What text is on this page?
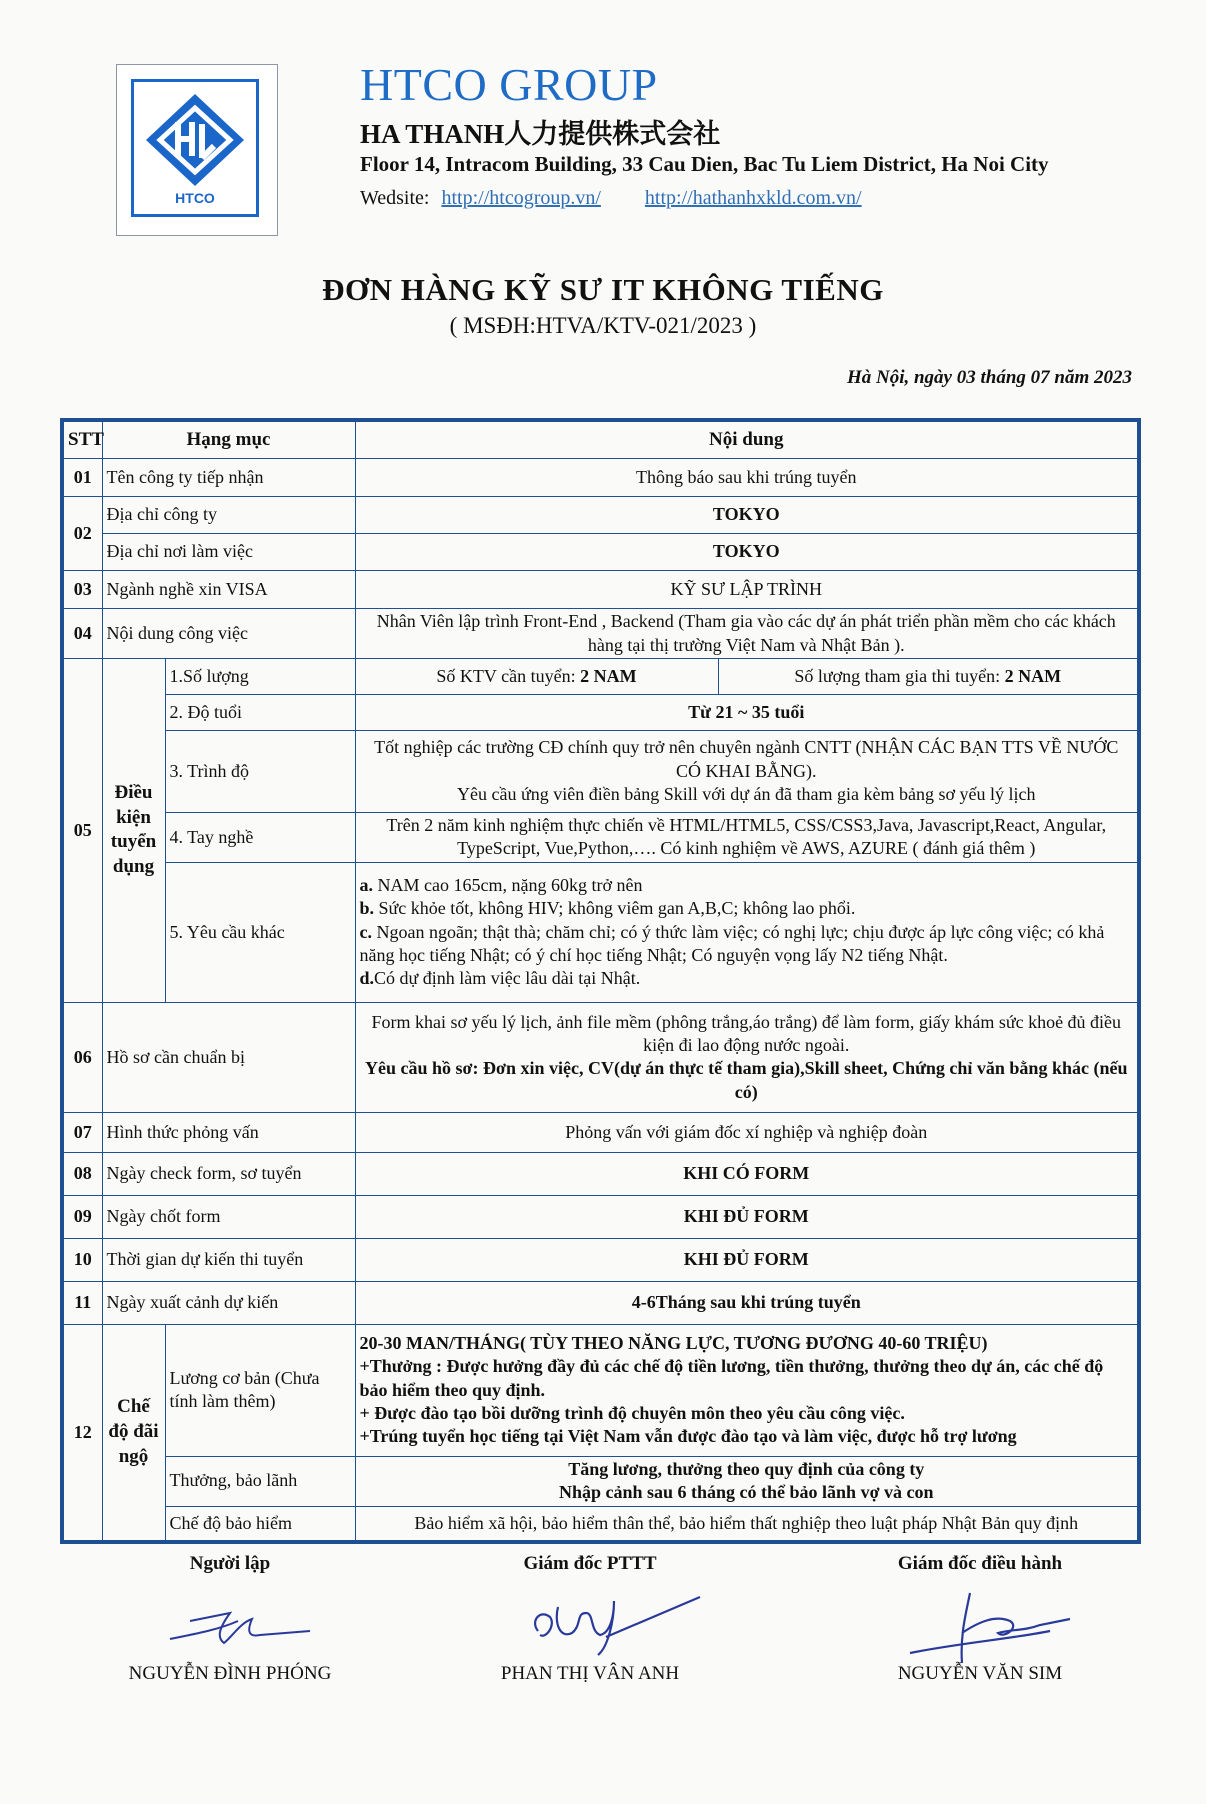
HTCO
HTCO GROUP
HA THANH人力提供株式会社
Floor 14, Intracom Building, 33 Cau Dien, Bac Tu Liem District, Ha Noi City
Wedsite: http://htcogroup.vn/ http://hathanhxkld.com.vn/
ĐƠN HÀNG KỸ SƯ IT KHÔNG TIẾNG
( MSĐH:HTVA/KTV-021/2023 )
Hà Nội, ngày 03 tháng 07 năm 2023
STT	Hạng mục		Nội dung	
01	Tên công ty tiếp nhận		Thông báo sau khi trúng tuyển	
02	Địa chỉ công ty		TOKYO	
	Địa chỉ nơi làm việc		TOKYO	
03	Ngành nghề xin VISA		KỸ SƯ LẬP TRÌNH	
04	Nội dung công việc		Nhân Viên lập trình Front-End , Backend (Tham gia vào các dự án phát triển phần mềm cho các khách hàng tại thị trường Việt Nam và Nhật Bản ).	
05	Điều kiện tuyển dụng	1.Số lượng	Số KTV cần tuyển: 2 NAM	Số lượng tham gia thi tuyển: 2 NAM
		2. Độ tuổi	Từ 21 ~ 35 tuổi	
		3. Trình độ	Tốt nghiệp các trường CĐ chính quy trở nên chuyên ngành CNTT (NHẬN CÁC BẠN TTS VỀ NƯỚC CÓ KHAI BẰNG).
Yêu cầu ứng viên điền bảng Skill với dự án đã tham gia kèm bảng sơ yếu lý lịch	
		4. Tay nghề	Trên 2 năm kinh nghiệm thực chiến về HTML/HTML5, CSS/CSS3,Java, Javascript,React, Angular, TypeScript, Vue,Python,…. Có kinh nghiệm về AWS, AZURE ( đánh giá thêm )	
		5. Yêu cầu khác	a. NAM cao 165cm, nặng 60kg trở nên
b. Sức khỏe tốt, không HIV; không viêm gan A,B,C; không lao phổi.
c. Ngoan ngoãn; thật thà; chăm chỉ; có ý thức làm việc; có nghị lực; chịu được áp lực công việc; có khả năng học tiếng Nhật; có ý chí học tiếng Nhật; Có nguyện vọng lấy N2 tiếng Nhật.
d.Có dự định làm việc lâu dài tại Nhật.	

06	Hồ sơ cần chuẩn bị		Form khai sơ yếu lý lịch, ảnh file mềm (phông trắng,áo trắng) để làm form, giấy khám sức khoẻ đủ điều kiện đi lao động nước ngoài.
Yêu cầu hồ sơ: Đơn xin việc, CV(dự án thực tế tham gia),Skill sheet, Chứng chỉ văn bằng khác (nếu có)	

07	Hình thức phỏng vấn		Phỏng vấn với giám đốc xí nghiệp và nghiệp đoàn	
08	Ngày check form, sơ tuyển		KHI CÓ FORM	
09	Ngày chốt form		KHI ĐỦ FORM	
10	Thời gian dự kiến thi tuyển		KHI ĐỦ FORM	
11	Ngày xuất cảnh dự kiến		4-6Tháng sau khi trúng tuyển	
12	Chế độ đãi ngộ	Lương cơ bản (Chưa tính làm thêm)	20-30 MAN/THÁNG( TÙY THEO NĂNG LỰC, TƯƠNG ĐƯƠNG 40-60 TRIỆU)
+Thưởng : Được hưởng đầy đủ các chế độ tiền lương, tiền thưởng, thưởng theo dự án, các chế độ bảo hiểm theo quy định.
+ Được đào tạo bồi dưỡng trình độ chuyên môn theo yêu cầu công việc.
+Trúng tuyển học tiếng tại Việt Nam vẫn được đào tạo và làm việc, được hỗ trợ lương	

		Thưởng, bảo lãnh	Tăng lương, thưởng theo quy định của công ty
Nhập cảnh sau 6 tháng có thể bảo lãnh vợ và con	
		Chế độ bảo hiểm	Bảo hiểm xã hội, bảo hiểm thân thể, bảo hiểm thất nghiệp theo luật pháp Nhật Bản quy định	
Người lập
NGUYỄN ĐÌNH PHÓNG
Giám đốc PTTT
PHAN THỊ VÂN ANH
Giám đốc điều hành
NGUYỄN VĂN SIM
